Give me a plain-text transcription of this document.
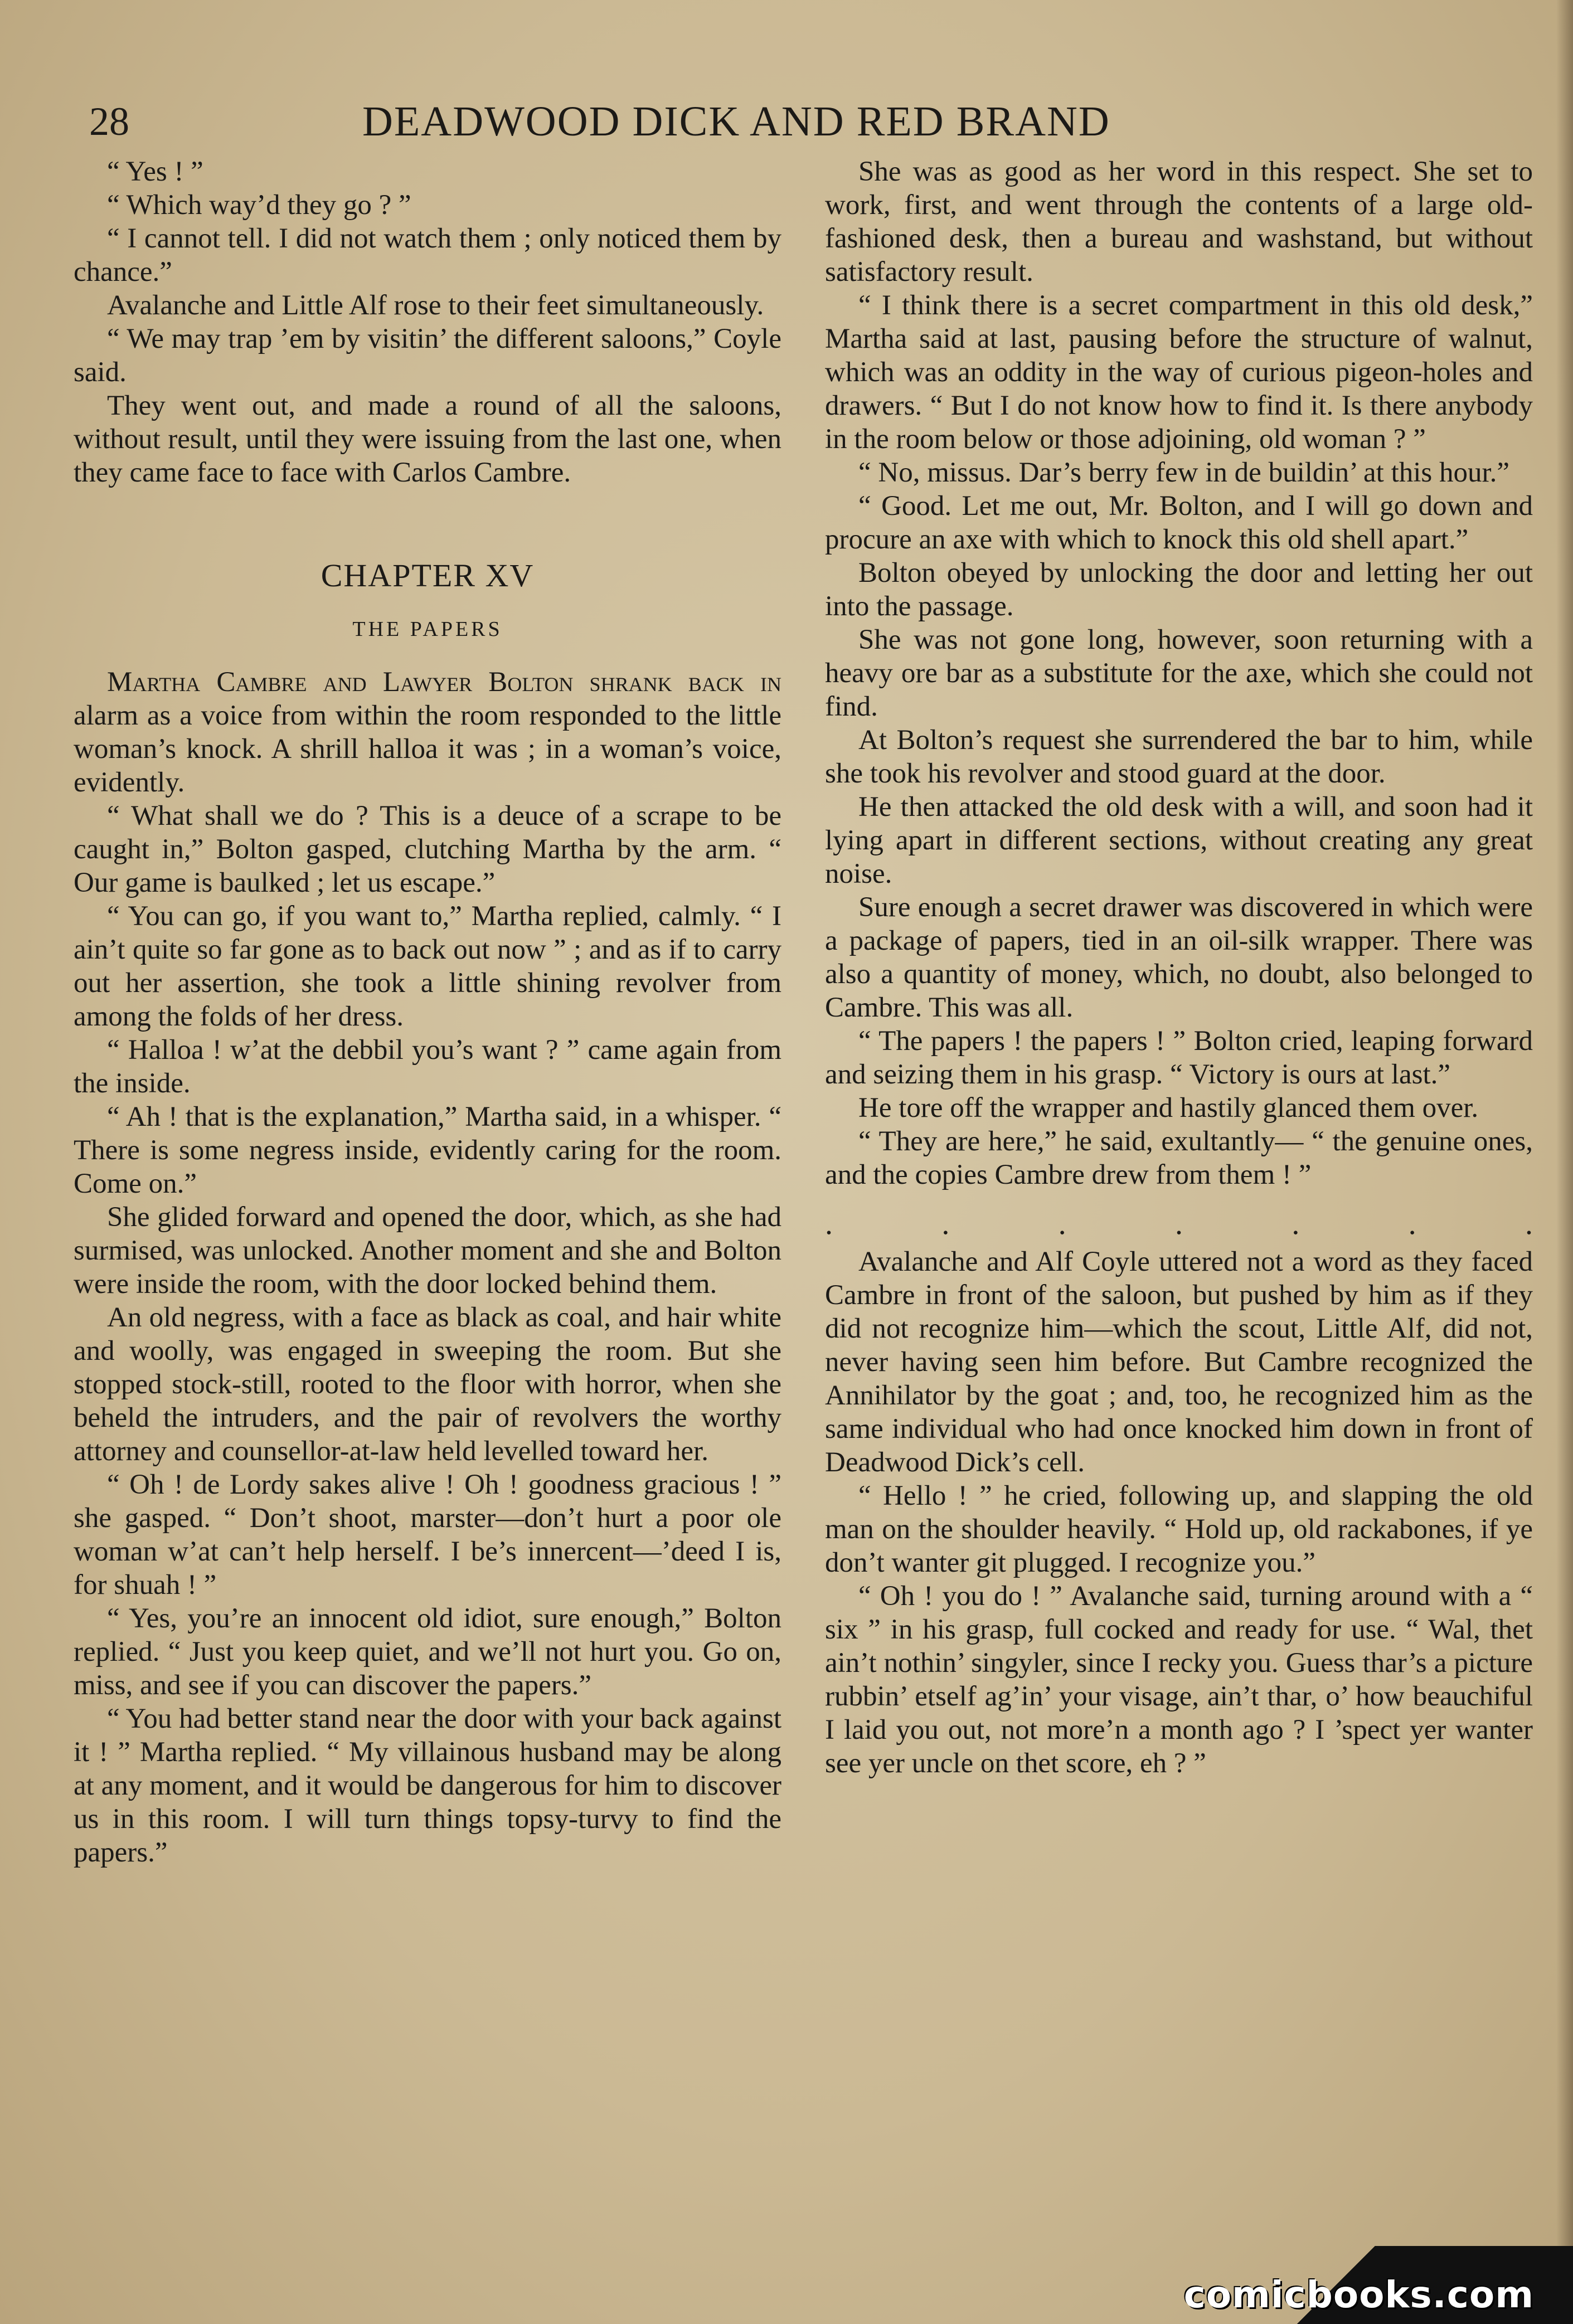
28	DEADWOOD DICK AND RED BRAND

“ Yes ! ”

“ Which way’d they go ? ”

“ I cannot tell. I did not watch them ; only noticed them by chance.”

Avalanche and Little Alf rose to their feet simultaneously.

“ We may trap ’em by visitin’ the different saloons,” Coyle said.

They went out, and made a round of all the saloons, without result, until they were issuing from the last one, when they came face to face with Carlos Cambre.

CHAPTER XV
THE PAPERS

Martha Cambre and Lawyer Bolton shrank back in alarm as a voice from within the room responded to the little woman’s knock. A shrill halloa it was ; in a woman’s voice, evidently.

“ What shall we do ? This is a deuce of a scrape to be caught in,” Bolton gasped, clutching Martha by the arm. “ Our game is baulked ; let us escape.”

“ You can go, if you want to,” Martha replied, calmly. “ I ain’t quite so far gone as to back out now ” ; and as if to carry out her assertion, she took a little shining revolver from among the folds of her dress.

“ Halloa ! w’at the debbil you’s want ? ” came again from the inside.

“ Ah ! that is the explanation,” Martha said, in a whisper. “ There is some negress inside, evidently caring for the room. Come on.”

She glided forward and opened the door, which, as she had surmised, was unlocked. Another moment and she and Bolton were inside the room, with the door locked behind them.

An old negress, with a face as black as coal, and hair white and woolly, was engaged in sweeping the room. But she stopped stock-still, rooted to the floor with horror, when she beheld the intruders, and the pair of revolvers the worthy attorney and counsellor-at-law held levelled toward her.

“ Oh ! de Lordy sakes alive ! Oh ! goodness gracious ! ” she gasped. “ Don’t shoot, marster—don’t hurt a poor ole woman w’at can’t help herself. I be’s innercent—’deed I is, for shuah ! ”

“ Yes, you’re an innocent old idiot, sure enough,” Bolton replied. “ Just you keep quiet, and we’ll not hurt you. Go on, miss, and see if you can discover the papers.”

“ You had better stand near the door with your back against it ! ” Martha replied. “ My villainous husband may be along at any moment, and it would be dangerous for him to discover us in this room. I will turn things topsy-turvy to find the papers.”

She was as good as her word in this respect. She set to work, first, and went through the contents of a large old-fashioned desk, then a bureau and washstand, but without satisfactory result.

“ I think there is a secret compartment in this old desk,” Martha said at last, pausing before the structure of walnut, which was an oddity in the way of curious pigeon-holes and drawers. “ But I do not know how to find it. Is there anybody in the room below or those adjoining, old woman ? ”

“ No, missus. Dar’s berry few in de buildin’ at this hour.”

“ Good. Let me out, Mr. Bolton, and I will go down and procure an axe with which to knock this old shell apart.”

Bolton obeyed by unlocking the door and letting her out into the passage.

She was not gone long, however, soon returning with a heavy ore bar as a substitute for the axe, which she could not find.

At Bolton’s request she surrendered the bar to him, while she took his revolver and stood guard at the door.

He then attacked the old desk with a will, and soon had it lying apart in different sections, without creating any great noise.

Sure enough a secret drawer was discovered in which were a package of papers, tied in an oil-silk wrapper. There was also a quantity of money, which, no doubt, also belonged to Cambre. This was all.

“ The papers ! the papers ! ” Bolton cried, leaping forward and seizing them in his grasp. “ Victory is ours at last.”

He tore off the wrapper and hastily glanced them over.

“ They are here,” he said, exultantly— “ the genuine ones, and the copies Cambre drew from them ! ”

. . . . . . .

Avalanche and Alf Coyle uttered not a word as they faced Cambre in front of the saloon, but pushed by him as if they did not recognize him—which the scout, Little Alf, did not, never having seen him before. But Cambre recognized the Annihilator by the goat ; and, too, he recognized him as the same individual who had once knocked him down in front of Deadwood Dick’s cell.

“ Hello ! ” he cried, following up, and slapping the old man on the shoulder heavily. “ Hold up, old rackabones, if ye don’t wanter git plugged. I recognize you.”

“ Oh ! you do ! ” Avalanche said, turning around with a “ six ” in his grasp, full cocked and ready for use. “ Wal, thet ain’t nothin’ singyler, since I recky you. Guess thar’s a picture rubbin’ etself ag’in’ your visage, ain’t thar, o’ how beauchiful I laid you out, not more’n a month ago ? I ’spect yer wanter see yer uncle on thet score, eh ? ”

comicbooks.com
